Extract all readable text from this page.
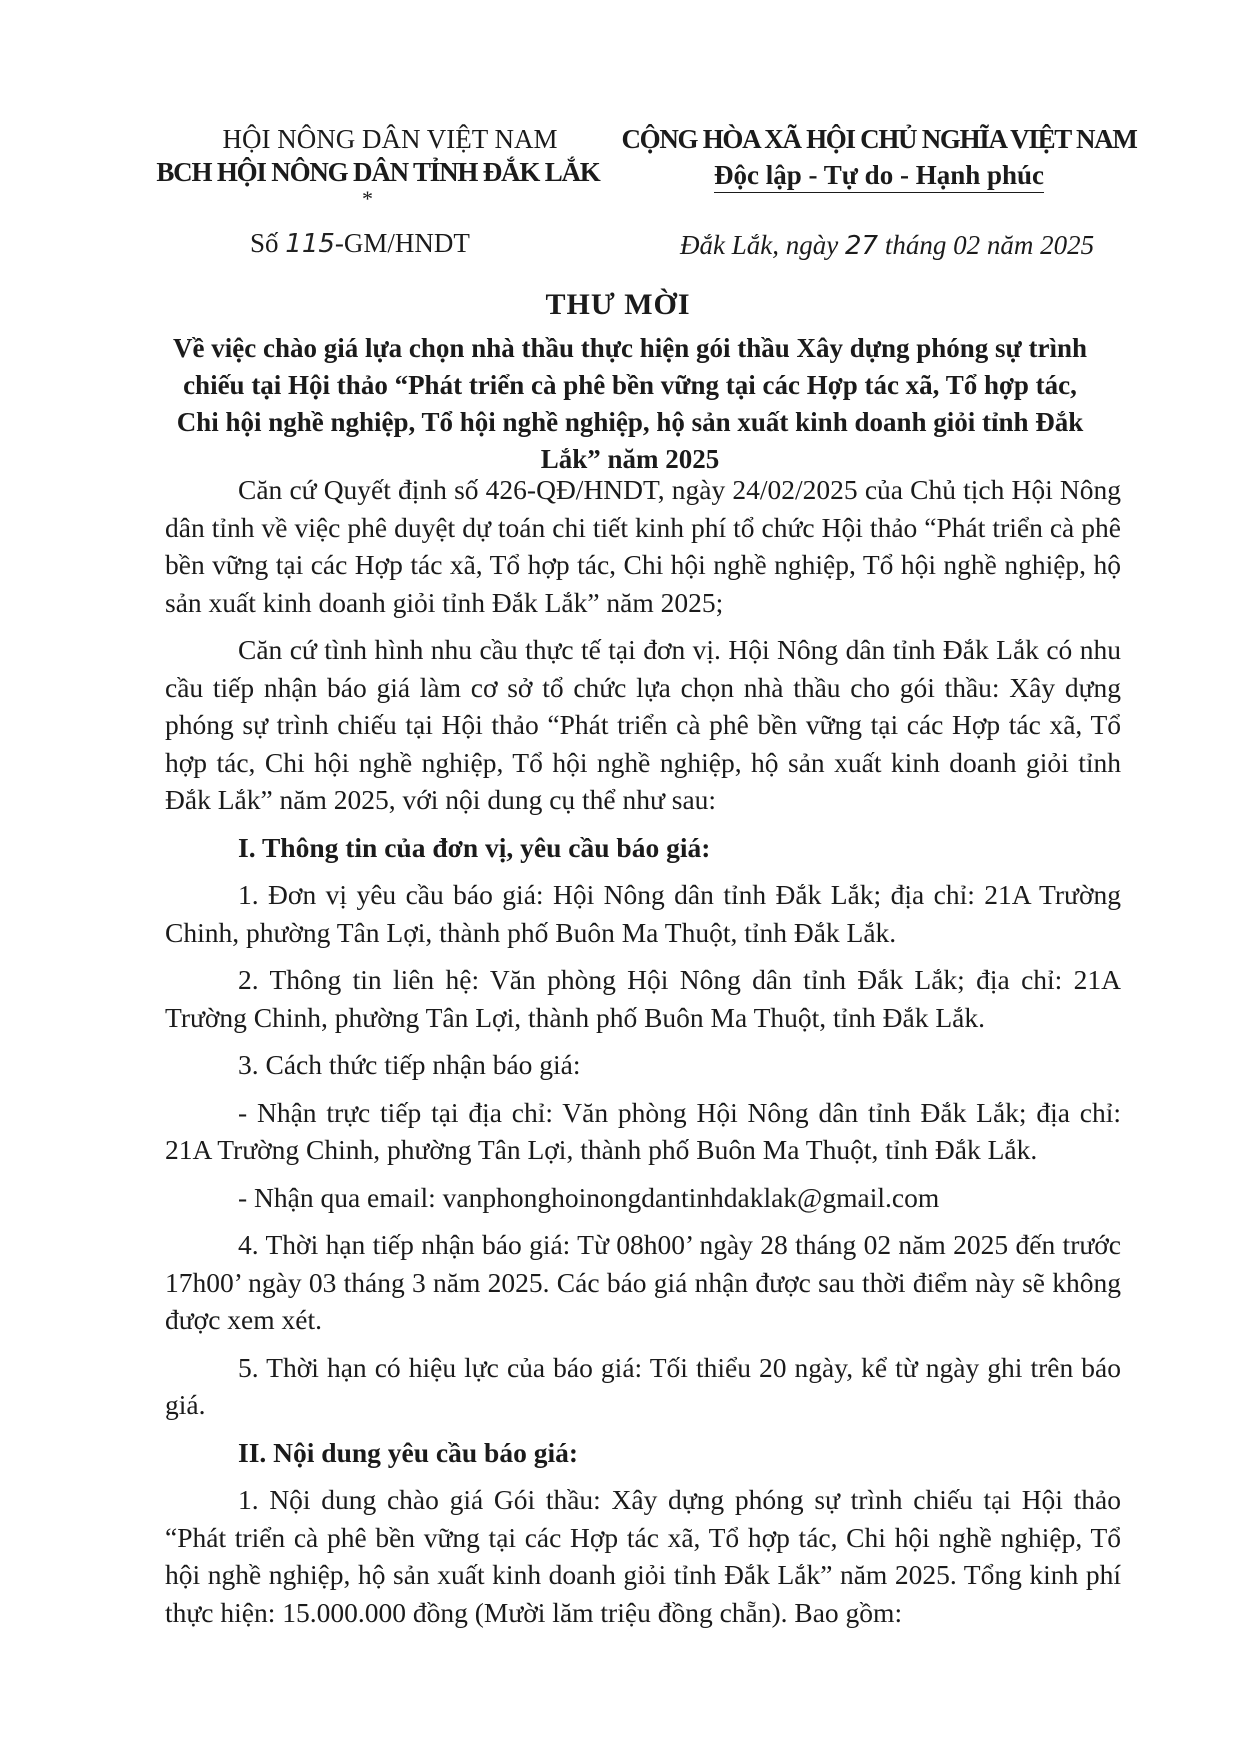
HỘI NÔNG DÂN VIỆT NAM
BCH HỘI NÔNG DÂN TỈNH ĐẮK LẮK
*
CỘNG HÒA XÃ HỘI CHỦ NGHĨA VIỆT NAM
Độc lập - Tự do - Hạnh phúc
Số 115-GM/HNDT	Đắk Lắk, ngày 27 tháng 02 năm 2025
THƯ MỜI
Về việc chào giá lựa chọn nhà thầu thực hiện gói thầu Xây dựng phóng sự trình chiếu tại Hội thảo “Phát triển cà phê bền vững tại các Hợp tác xã, Tổ hợp tác, Chi hội nghề nghiệp, Tổ hội nghề nghiệp, hộ sản xuất kinh doanh giỏi tỉnh Đắk Lắk” năm 2025

Căn cứ Quyết định số 426-QĐ/HNDT, ngày 24/02/2025 của Chủ tịch Hội Nông dân tỉnh về việc phê duyệt dự toán chi tiết kinh phí tổ chức Hội thảo “Phát triển cà phê bền vững tại các Hợp tác xã, Tổ hợp tác, Chi hội nghề nghiệp, Tổ hội nghề nghiệp, hộ sản xuất kinh doanh giỏi tỉnh Đắk Lắk” năm 2025;

Căn cứ tình hình nhu cầu thực tế tại đơn vị. Hội Nông dân tỉnh Đắk Lắk có nhu cầu tiếp nhận báo giá làm cơ sở tổ chức lựa chọn nhà thầu cho gói thầu: Xây dựng phóng sự trình chiếu tại Hội thảo “Phát triển cà phê bền vững tại các Hợp tác xã, Tổ hợp tác, Chi hội nghề nghiệp, Tổ hội nghề nghiệp, hộ sản xuất kinh doanh giỏi tỉnh Đắk Lắk” năm 2025, với nội dung cụ thể như sau:

I. Thông tin của đơn vị, yêu cầu báo giá:

1. Đơn vị yêu cầu báo giá: Hội Nông dân tỉnh Đắk Lắk; địa chỉ: 21A Trường Chinh, phường Tân Lợi, thành phố Buôn Ma Thuột, tỉnh Đắk Lắk.

2. Thông tin liên hệ: Văn phòng Hội Nông dân tỉnh Đắk Lắk; địa chỉ: 21A Trường Chinh, phường Tân Lợi, thành phố Buôn Ma Thuột, tỉnh Đắk Lắk.

3. Cách thức tiếp nhận báo giá:

- Nhận trực tiếp tại địa chỉ: Văn phòng Hội Nông dân tỉnh Đắk Lắk; địa chỉ: 21A Trường Chinh, phường Tân Lợi, thành phố Buôn Ma Thuột, tỉnh Đắk Lắk.

- Nhận qua email: vanphonghoinongdantinhdaklak@gmail.com

4. Thời hạn tiếp nhận báo giá: Từ 08h00’ ngày 28 tháng 02 năm 2025 đến trước 17h00’ ngày 03 tháng 3 năm 2025. Các báo giá nhận được sau thời điểm này sẽ không được xem xét.

5. Thời hạn có hiệu lực của báo giá: Tối thiểu 20 ngày, kể từ ngày ghi trên báo giá.

II. Nội dung yêu cầu báo giá:

1. Nội dung chào giá Gói thầu: Xây dựng phóng sự trình chiếu tại Hội thảo “Phát triển cà phê bền vững tại các Hợp tác xã, Tổ hợp tác, Chi hội nghề nghiệp, Tổ hội nghề nghiệp, hộ sản xuất kinh doanh giỏi tỉnh Đắk Lắk” năm 2025. Tổng kinh phí thực hiện: 15.000.000 đồng (Mười lăm triệu đồng chẵn). Bao gồm:
